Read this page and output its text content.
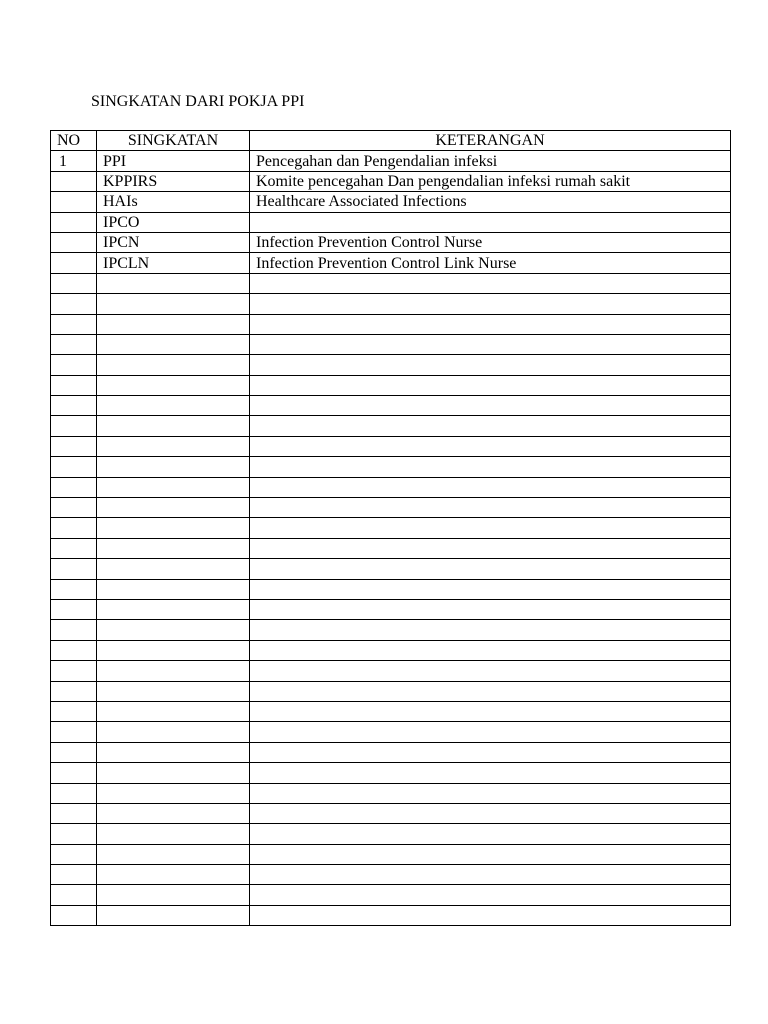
SINGKATAN DARI POKJA PPI
NO	SINGKATAN	KETERANGAN
1	PPI	Pencegahan dan Pengendalian infeksi
	KPPIRS	Komite pencegahan Dan pengendalian infeksi rumah sakit
	HAIs	Healthcare Associated Infections
	IPCO	
	IPCN	Infection Prevention Control Nurse
	IPCLN	Infection Prevention Control Link Nurse
